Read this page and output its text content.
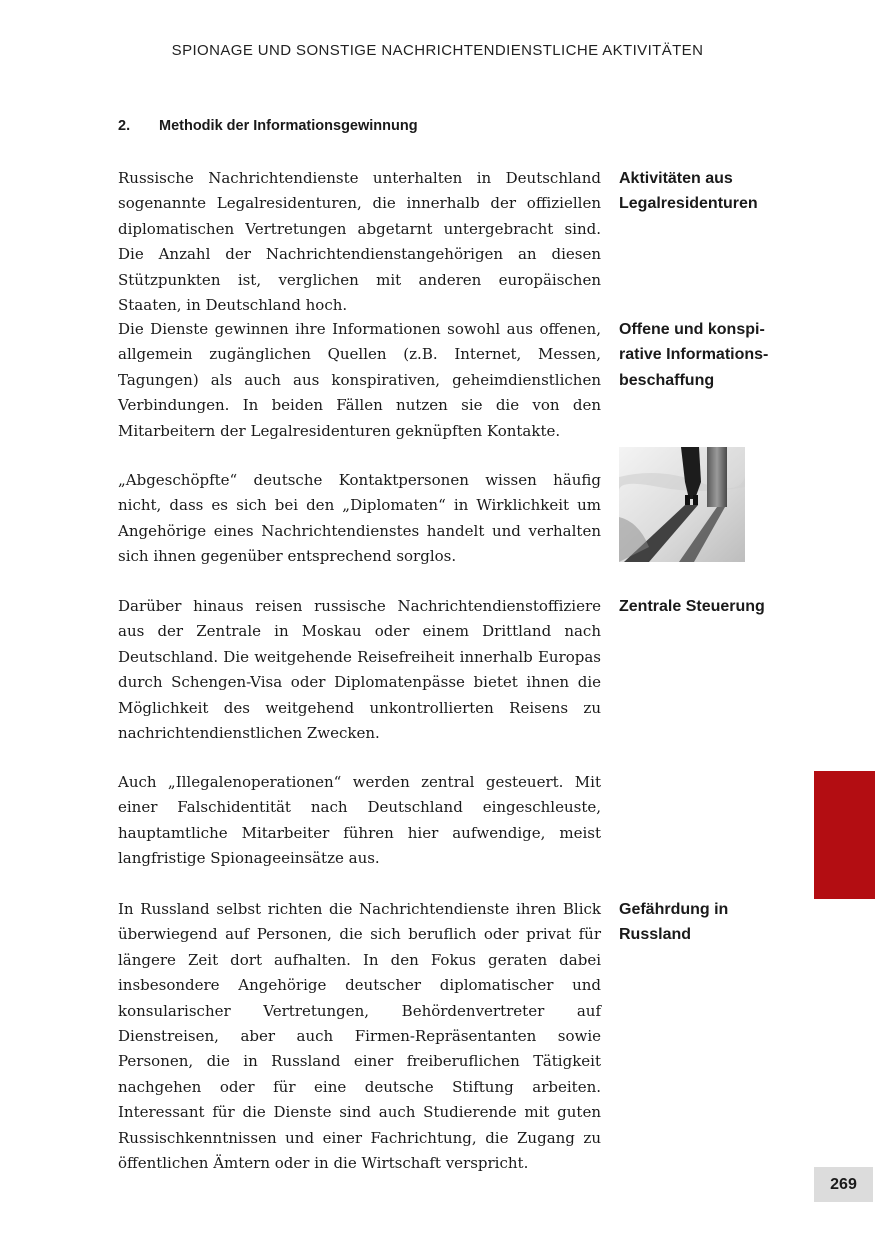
SPIONAGE UND SONSTIGE NACHRICHTENDIENSTLICHE AKTIVITÄTEN
2. Methodik der Informationsgewinnung

Russische Nachrichtendienste unterhalten in Deutschland sogenannte Legalresidenturen, die innerhalb der offiziellen diplomatischen Vertretungen abgetarnt untergebracht sind. Die Anzahl der Nachrichtendienstangehörigen an diesen Stützpunkten ist, verglichen mit anderen europäischen Staaten, in Deutschland hoch.

Aktivitäten aus Legalresidenturen

Die Dienste gewinnen ihre Informationen sowohl aus offenen, allgemein zugänglichen Quellen (z.B. Internet, Messen, Tagungen) als auch aus konspirativen, geheimdienstlichen Verbindungen. In beiden Fällen nutzen sie die von den Mitarbeitern der Legalresidenturen geknüpften Kontakte.

Offene und konspirative Informationsbeschaffung

„Abgeschöpfte“ deutsche Kontaktpersonen wissen häufig nicht, dass es sich bei den „Diplomaten“ in Wirklichkeit um Angehörige eines Nachrichtendienstes handelt und verhalten sich ihnen gegenüber entsprechend sorglos.

Darüber hinaus reisen russische Nachrichtendienstoffiziere aus der Zentrale in Moskau oder einem Drittland nach Deutschland. Die weitgehende Reisefreiheit innerhalb Europas durch Schengen-Visa oder Diplomatenpässe bietet ihnen die Möglichkeit des weitgehend unkontrollierten Reisens zu nachrichtendienstlichen Zwecken.

Zentrale Steuerung

Auch „Illegalenoperationen“ werden zentral gesteuert. Mit einer Falschidentität nach Deutschland eingeschleuste, hauptamtliche Mitarbeiter führen hier aufwendige, meist langfristige Spionageeinsätze aus.

In Russland selbst richten die Nachrichtendienste ihren Blick überwiegend auf Personen, die sich beruflich oder privat für längere Zeit dort aufhalten. In den Fokus geraten dabei insbesondere Angehörige deutscher diplomatischer und konsularischer Vertretungen, Behördenvertreter auf Dienstreisen, aber auch Firmen-Repräsentanten sowie Personen, die in Russland einer freiberuflichen Tätigkeit nachgehen oder für eine deutsche Stiftung arbeiten. Interessant für die Dienste sind auch Studierende mit guten Russischkenntnissen und einer Fachrichtung, die Zugang zu öffentlichen Ämtern oder in die Wirtschaft verspricht.

Gefährdung in Russland

269
